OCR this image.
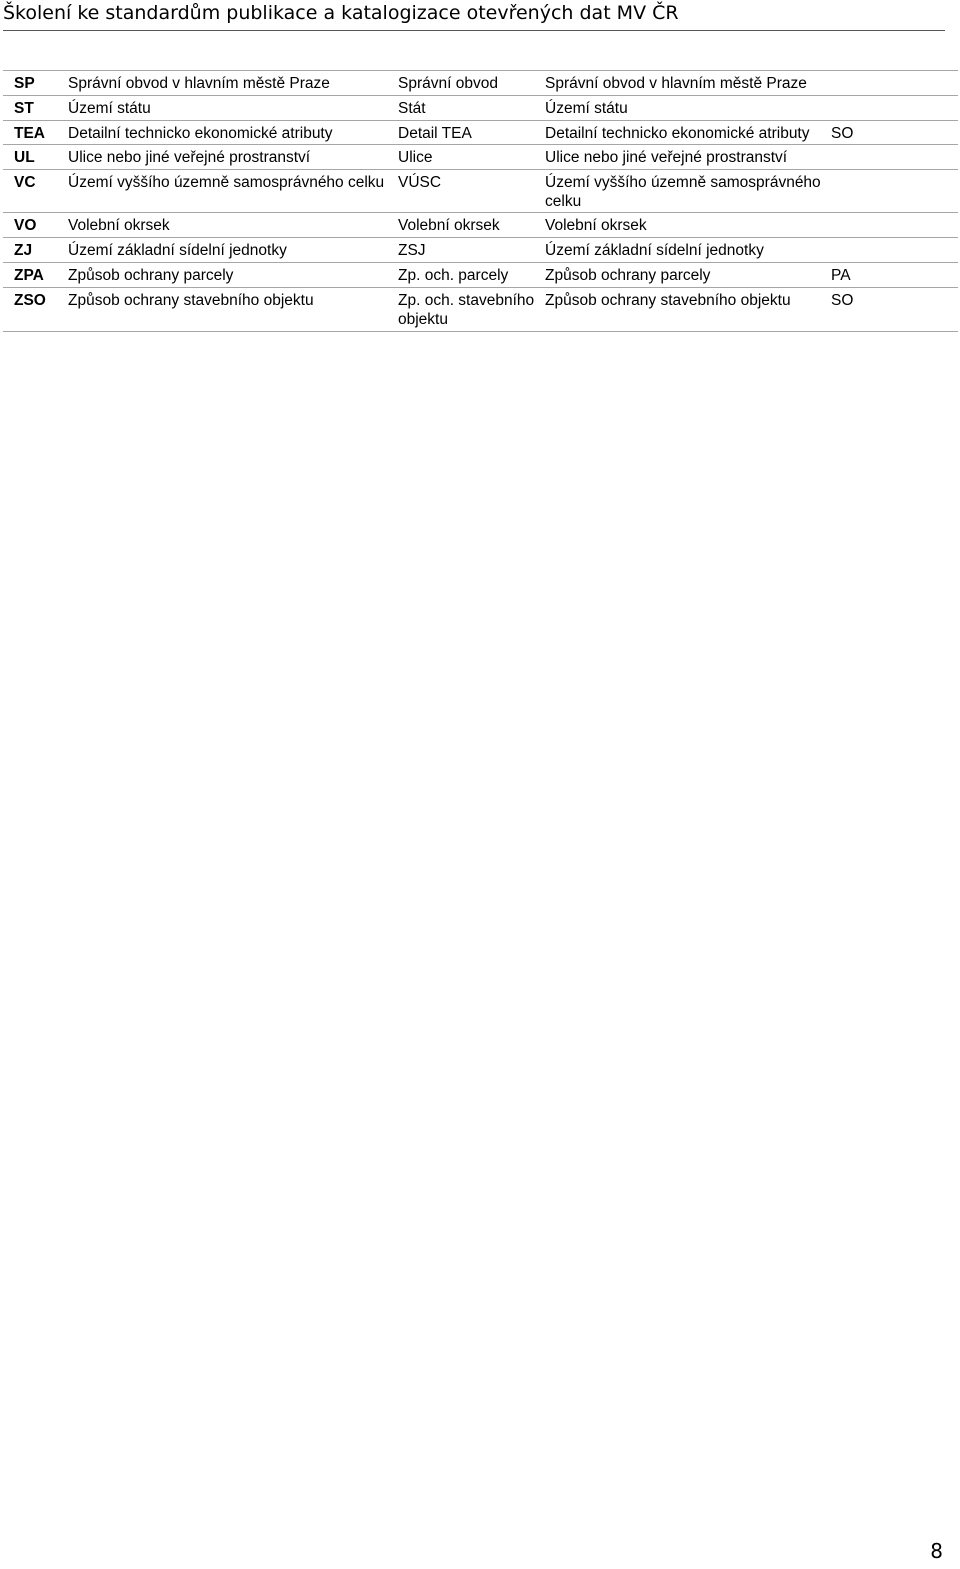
Školení ke standardům publikace a katalogizace otevřených dat MV ČR
SP	Správní obvod v hlavním městě Praze	Správní obvod	Správní obvod v hlavním městě Praze	
ST	Území státu	Stát	Území státu	
TEA	Detailní technicko ekonomické atributy	Detail TEA	Detailní technicko ekonomické atributy	SO
UL	Ulice nebo jiné veřejné prostranství	Ulice	Ulice nebo jiné veřejné prostranství	
VC	Území vyššího územně samosprávného celku	VÚSC	Území vyššího územně samosprávného celku	
VO	Volební okrsek	Volební okrsek	Volební okrsek	
ZJ	Území základní sídelní jednotky	ZSJ	Území základní sídelní jednotky	
ZPA	Způsob ochrany parcely	Zp. och. parcely	Způsob ochrany parcely	PA
ZSO	Způsob ochrany stavebního objektu	Zp. och. stavebního objektu	Způsob ochrany stavebního objektu	SO
8
